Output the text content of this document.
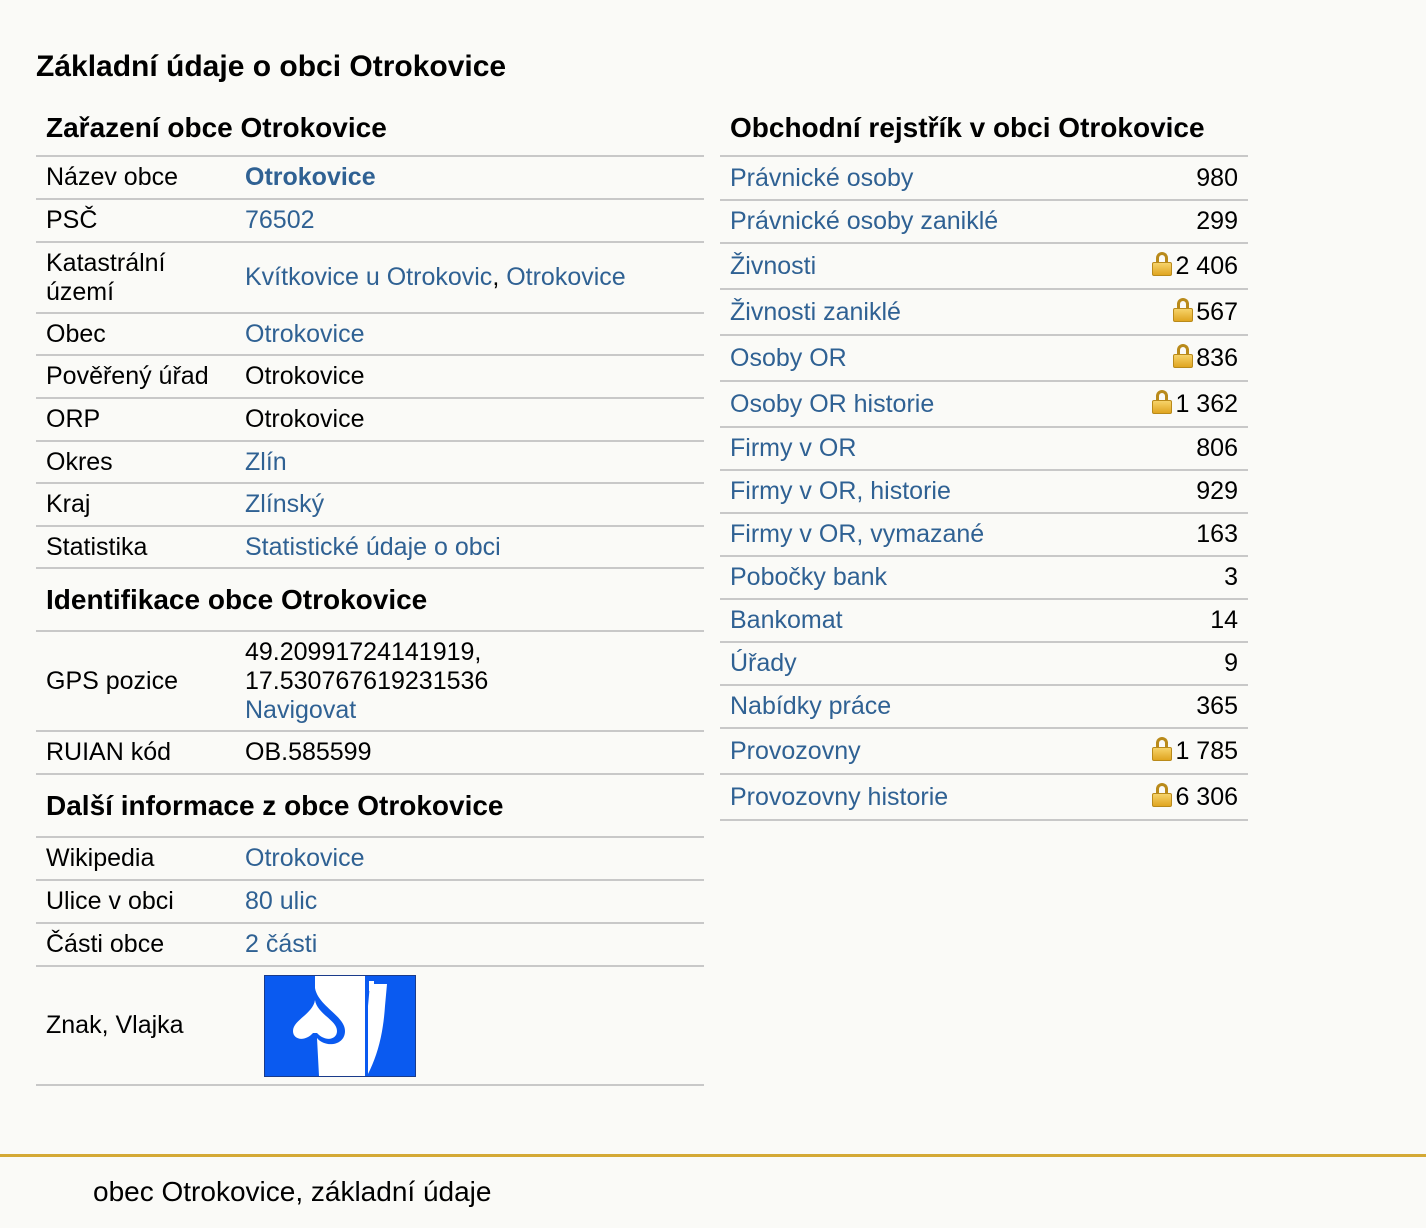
Základní údaje o obci Otrokovice
Zařazení obce Otrokovice
Název obce	Otrokovice
PSČ	76502
Katastrální území	Kvítkovice u Otrokovic, Otrokovice
Obec	Otrokovice
Pověřený úřad	Otrokovice
ORP	Otrokovice
Okres	Zlín
Kraj	Zlínský
Statistika	Statistické údaje o obci
Identifikace obce Otrokovice
GPS pozice	49.20991724141919,
17.530767619231536
Navigovat
RUIAN kód	OB.585599
Další informace z obce Otrokovice
Wikipedia	Otrokovice
Ulice v obci	80 ulic
Části obce	2 části
Znak, Vlajka	
Obchodní rejstřík v obci Otrokovice
Právnické osoby	980
Právnické osoby zaniklé	299
Živnosti	2 406
Živnosti zaniklé	567
Osoby OR	836
Osoby OR historie	1 362
Firmy v OR	806
Firmy v OR, historie	929
Firmy v OR, vymazané	163
Pobočky bank	3
Bankomat	14
Úřady	9
Nabídky práce	365
Provozovny	1 785
Provozovny historie	6 306
obec Otrokovice, základní údaje
